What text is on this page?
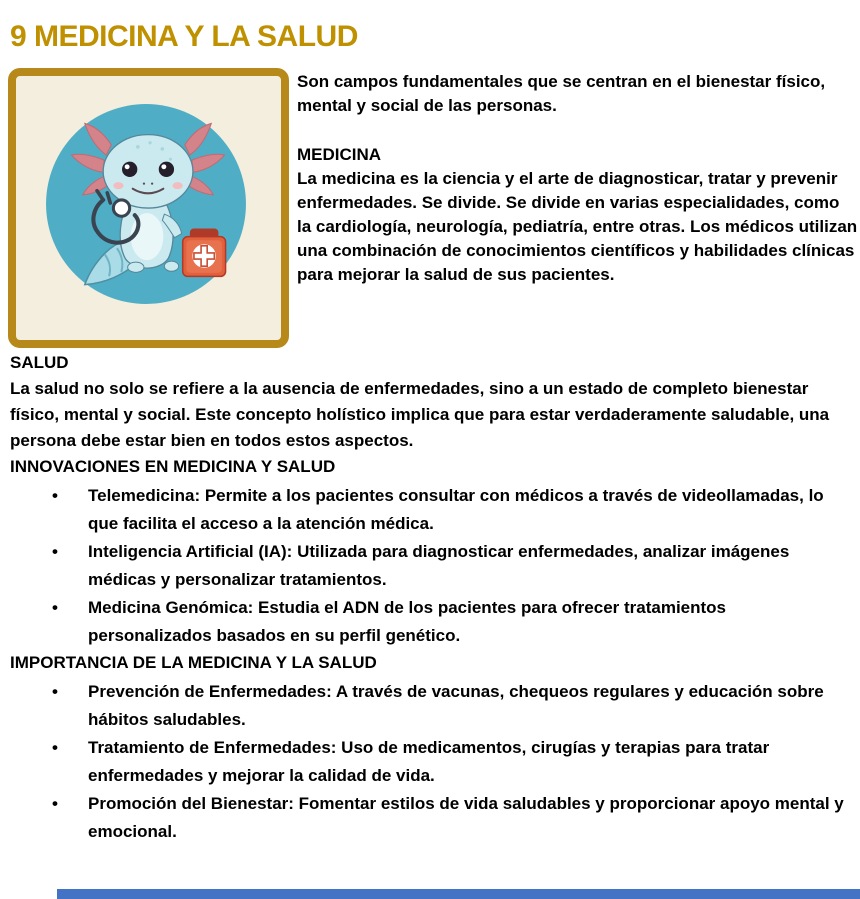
9 MEDICINA Y LA SALUD

Son campos fundamentales que se centran en el bienestar físico, mental y social de las personas.

MEDICINA

La medicina es la ciencia y el arte de diagnosticar, tratar y prevenir enfermedades. Se divide. Se divide en varias especialidades, como la cardiología, neurología, pediatría, entre otras. Los médicos utilizan una combinación de conocimientos científicos y habilidades clínicas para mejorar la salud de sus pacientes.

SALUD

La salud no solo se refiere a la ausencia de enfermedades, sino a un estado de completo bienestar físico, mental y social. Este concepto holístico implica que para estar verdaderamente saludable, una persona debe estar bien en todos estos aspectos.

INNOVACIONES EN MEDICINA Y SALUD
• Telemedicina: Permite a los pacientes consultar con médicos a través de videollamadas, lo que facilita el acceso a la atención médica.
• Inteligencia Artificial (IA): Utilizada para diagnosticar enfermedades, analizar imágenes médicas y personalizar tratamientos.
• Medicina Genómica: Estudia el ADN de los pacientes para ofrecer tratamientos personalizados basados en su perfil genético.
IMPORTANCIA DE LA MEDICINA Y LA SALUD
• Prevención de Enfermedades: A través de vacunas, chequeos regulares y educación sobre hábitos saludables.
• Tratamiento de Enfermedades: Uso de medicamentos, cirugías y terapias para tratar enfermedades y mejorar la calidad de vida.
• Promoción del Bienestar: Fomentar estilos de vida saludables y proporcionar apoyo mental y emocional.
